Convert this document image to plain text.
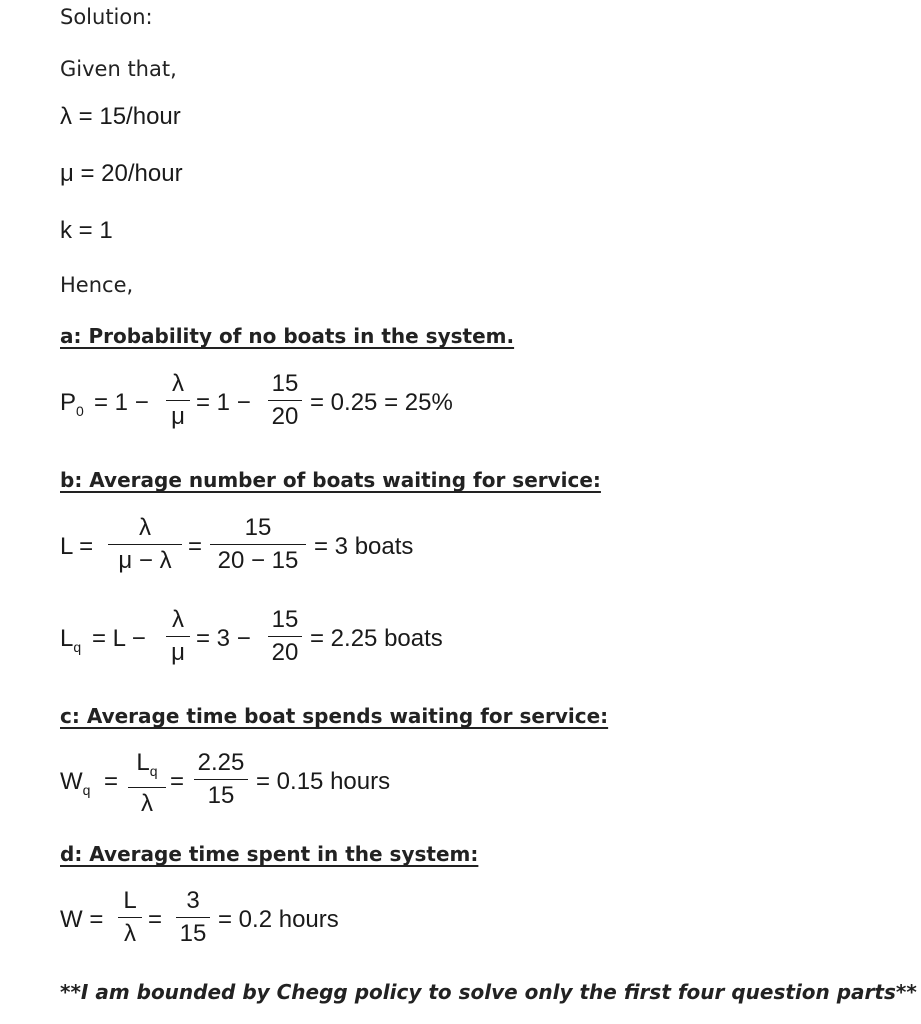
Solution:
Given that,
λ = 15/hour
μ = 20/hour
k = 1
Hence,
a: Probability of no boats in the system.
$P_0 = 1$ −
λ
μ
= 1 −
15
20
= 0.25 = 25%
b: Average number of boats waiting for service:
L =
λ
μ − λ
=
15
20 − 15
= 3 boats
$L_q = L$ −
λ
μ
= 3 −
15
20
= 2.25 boats
c: Average time boat spends waiting for service:
$W_q$ =
$L_q$
λ
=
2.25
15
= 0.15 hours
d: Average time spent in the system:
W =
L
λ
=
3
15
= 0.2 hours
**I am bounded by Chegg policy to solve only the first four question parts**
